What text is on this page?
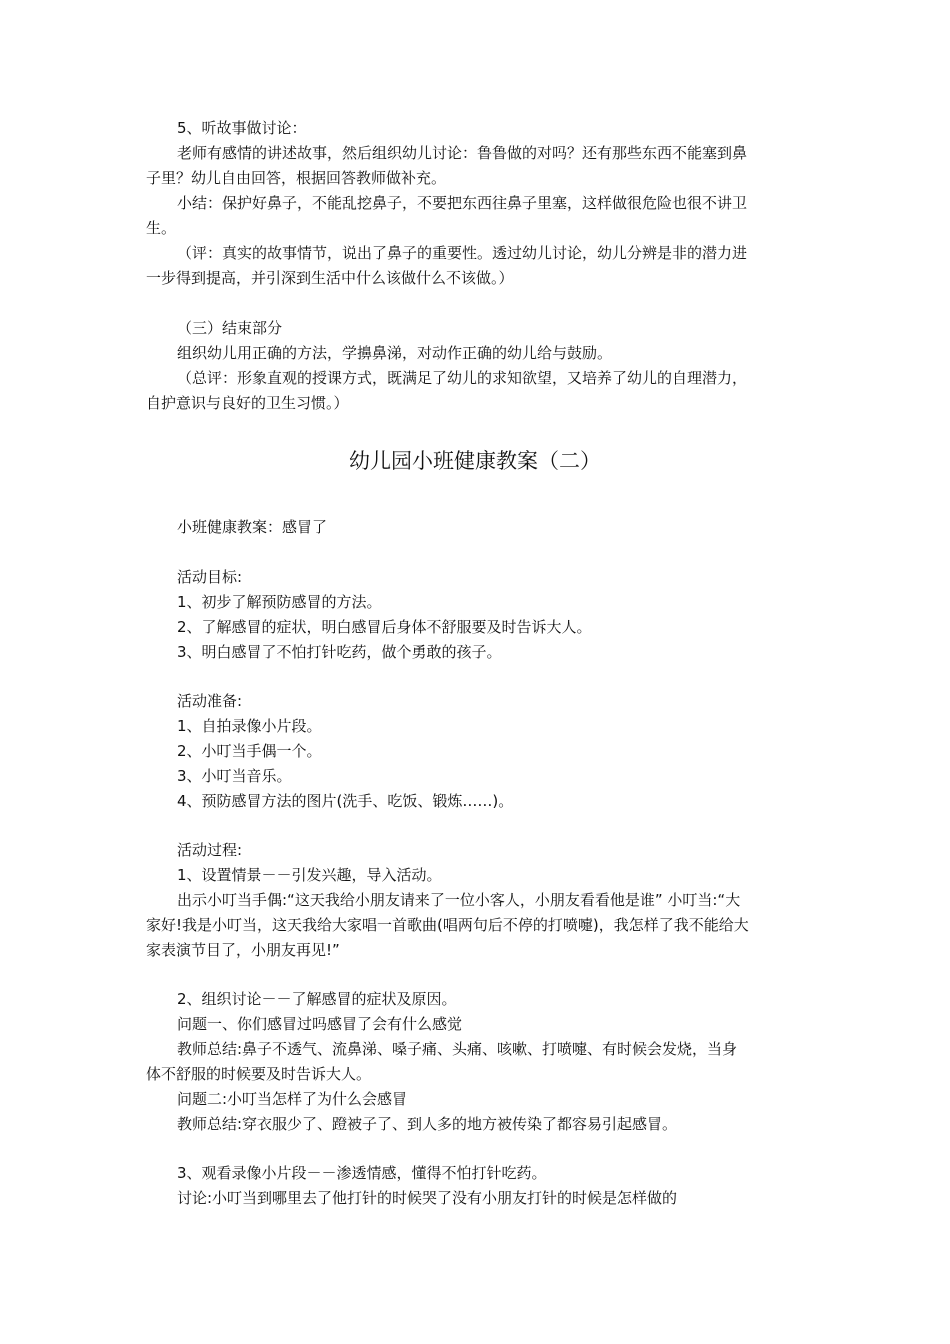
5、听故事做讨论：
老师有感情的讲述故事，然后组织幼儿讨论：鲁鲁做的对吗？还有那些东西不能塞到鼻
子里？幼儿自由回答，根据回答教师做补充。
小结：保护好鼻子，不能乱挖鼻子，不要把东西往鼻子里塞，这样做很危险也很不讲卫
生。
（评：真实的故事情节，说出了鼻子的重要性。透过幼儿讨论，幼儿分辨是非的潜力进
一步得到提高，并引深到生活中什么该做什么不该做。）
（三）结束部分
组织幼儿用正确的方法，学擤鼻涕，对动作正确的幼儿给与鼓励。
（总评：形象直观的授课方式，既满足了幼儿的求知欲望，又培养了幼儿的自理潜力，
自护意识与良好的卫生习惯。）
幼儿园小班健康教案（二）
小班健康教案：感冒了
活动目标:
1、初步了解预防感冒的方法。
2、了解感冒的症状，明白感冒后身体不舒服要及时告诉大人。
3、明白感冒了不怕打针吃药，做个勇敢的孩子。
活动准备:
1、自拍录像小片段。
2、小叮当手偶一个。
3、小叮当音乐。
4、预防感冒方法的图片(洗手、吃饭、锻炼……)。
活动过程:
1、设置情景－－引发兴趣，导入活动。
出示小叮当手偶:“这天我给小朋友请来了一位小客人，小朋友看看他是谁” 小叮当:“大
家好!我是小叮当，这天我给大家唱一首歌曲(唱两句后不停的打喷嚏)，我怎样了我不能给大
家表演节目了，小朋友再见!”
2、组织讨论－－了解感冒的症状及原因。
问题一、你们感冒过吗感冒了会有什么感觉
教师总结:鼻子不透气、流鼻涕、嗓子痛、头痛、咳嗽、打喷嚏、有时候会发烧，当身
体不舒服的时候要及时告诉大人。
问题二:小叮当怎样了为什么会感冒
教师总结:穿衣服少了、蹬被子了、到人多的地方被传染了都容易引起感冒。
3、观看录像小片段－－渗透情感，懂得不怕打针吃药。
讨论:小叮当到哪里去了他打针的时候哭了没有小朋友打针的时候是怎样做的
